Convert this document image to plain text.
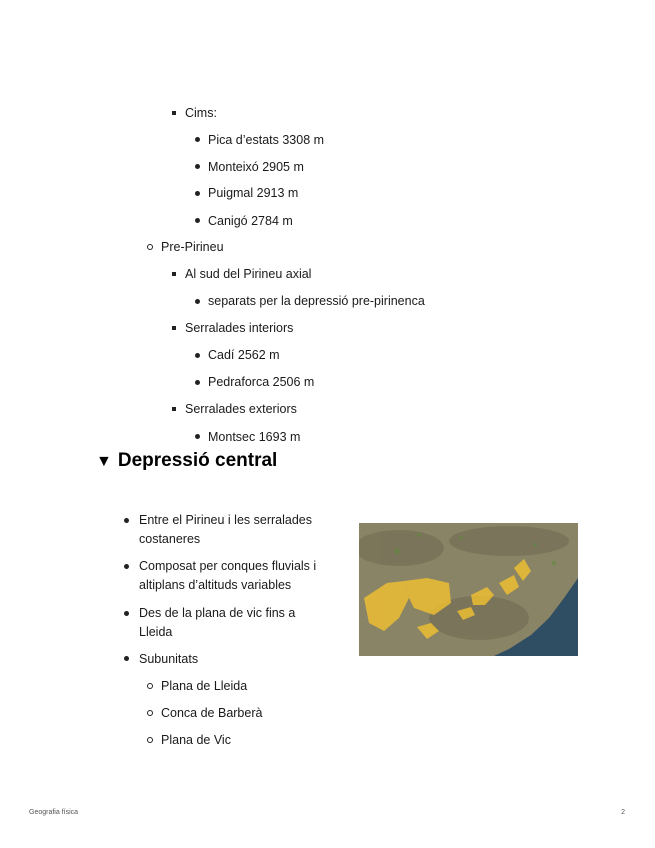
Cims:
Pica d’estats 3308 m
Monteixó 2905 m
Puigmal 2913 m
Canigó 2784 m
Pre-Pirineu
Al sud del Pirineu axial
separats per la depressió pre-pirinenca
Serralades interiors
Cadí 2562 m
Pedraforca 2506 m
Serralades exteriors
Montsec 1693 m
▼ Depressió central
Entre el Pirineu i les serralades
costaneres
Composat per conques fluvials i
altiplans d’altituds variables
Des de la plana de vic fins a
Lleida
Subunitats
Plana de Lleida
Conca de Barberà
Plana de Vic
Geografia física	2
